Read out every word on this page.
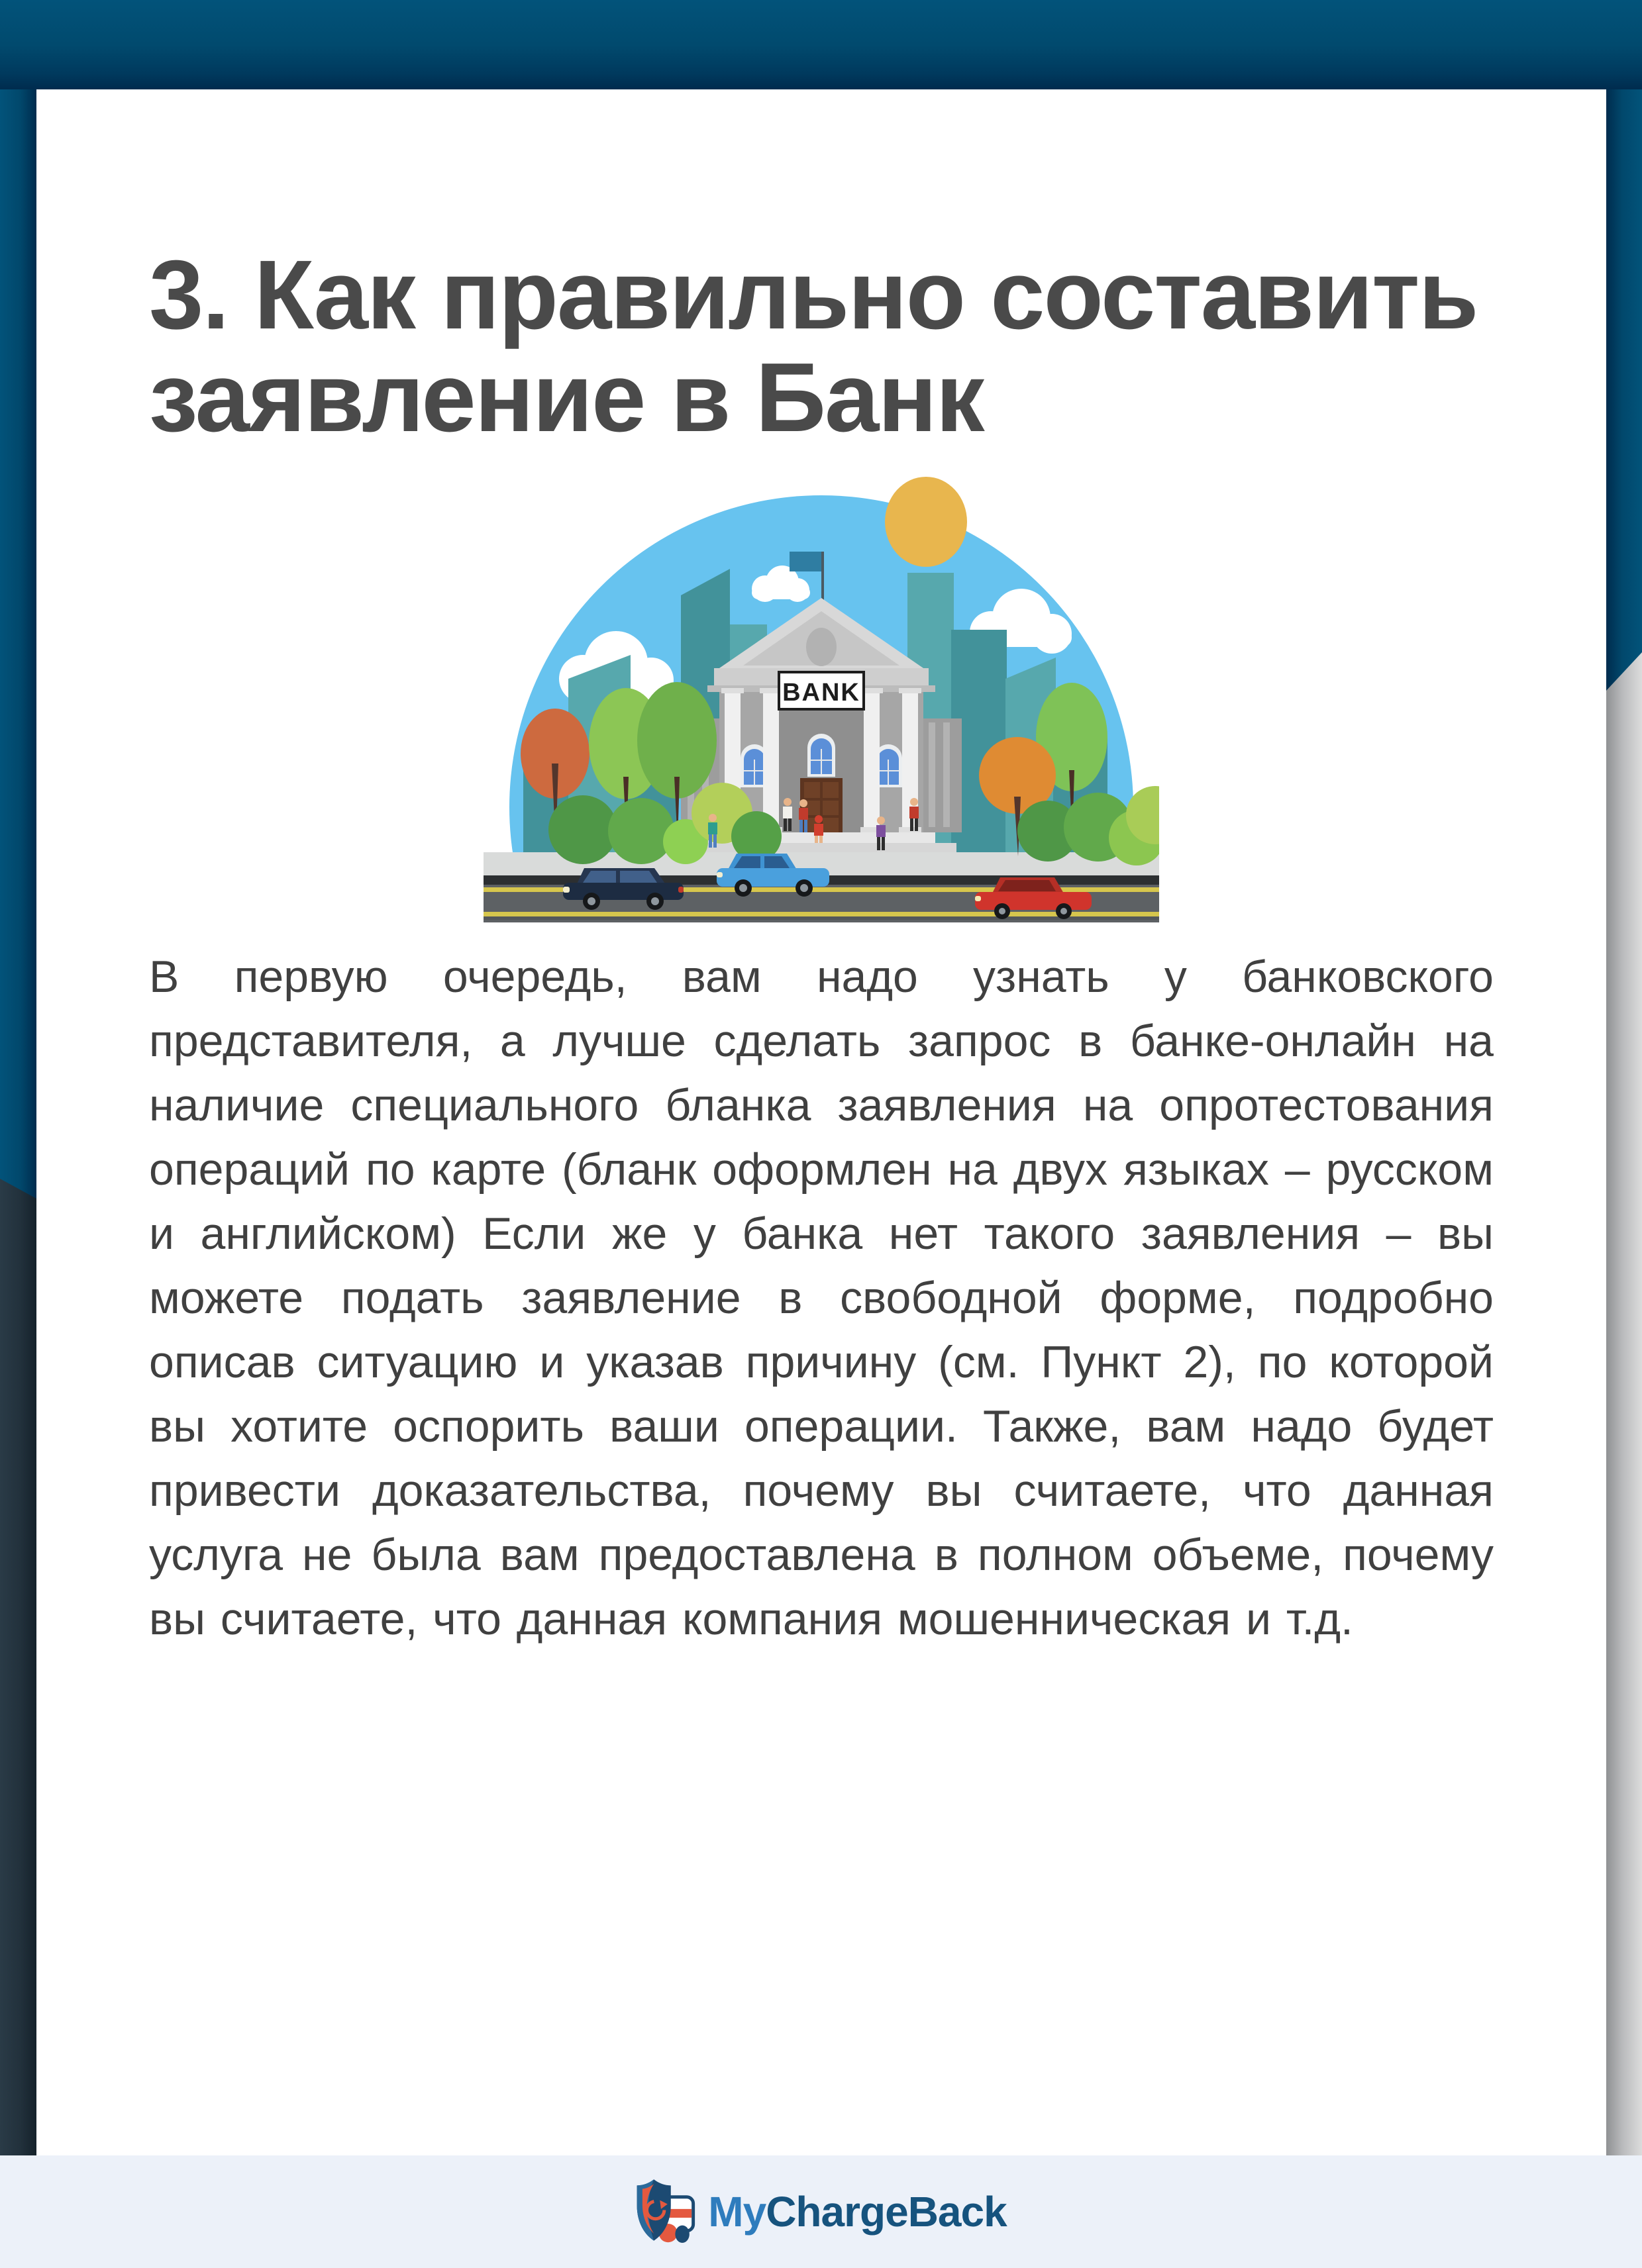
3. Как правильно составить
заявление в Банк
BANK

В первую очередь, вам надо узнать у банковского представителя, а лучше сделать запрос в банке-онлайн на наличие специального бланка заявления на опротестования операций по карте (бланк оформлен на двух языках – русском и английском) Если же у банка нет такого заявления – вы можете подать заявление в свободной форме, подробно описав ситуацию и указав причину (см. Пункт 2), по которой вы хотите оспорить ваши операции. Также, вам надо будет привести доказательства, почему вы считаете, что данная услуга не была вам предоставлена в полном объеме, почему вы считаете, что данная компания мошенническая и т.д.

MyChargeBack
